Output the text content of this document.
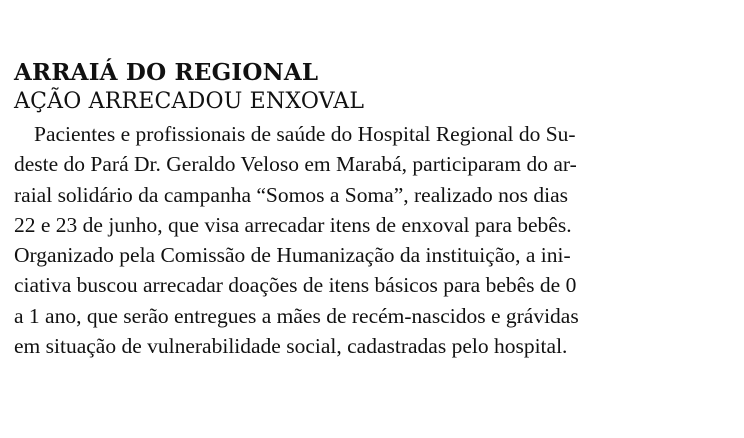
ARRAIÁ DO REGIONAL
AÇÃO ARRECADOU ENXOVAL
Pacientes e profissionais de saúde do Hospital Regional do Su-
deste do Pará Dr. Geraldo Veloso em Marabá, participaram do ar-
raial solidário da campanha “Somos a Soma”, realizado nos dias
22 e 23 de junho, que visa arrecadar itens de enxoval para bebês.
Organizado pela Comissão de Humanização da instituição, a ini-
ciativa buscou arrecadar doações de itens básicos para bebês de 0
a 1 ano, que serão entregues a mães de recém-nascidos e grávidas
em situação de vulnerabilidade social, cadastradas pelo hospital.
